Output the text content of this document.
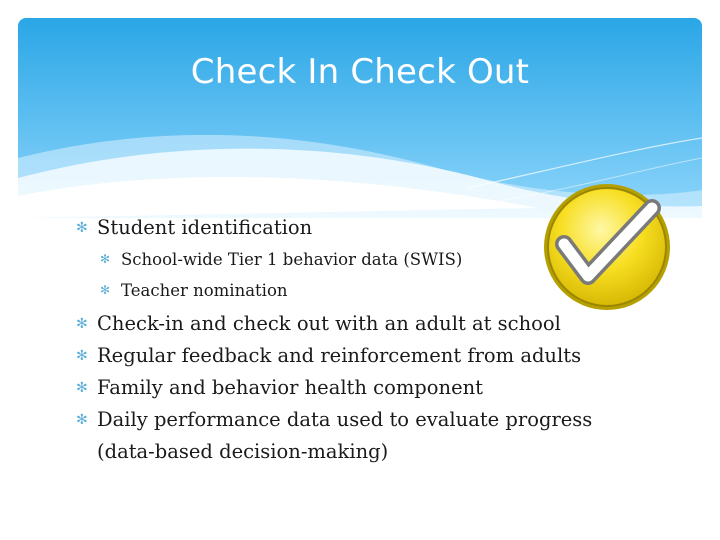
Check In Check Out
✻ Student identification
✻ School-wide Tier 1 behavior data (SWIS)
✻ Teacher nomination
✻ Check-in and check out with an adult at school
✻ Regular feedback and reinforcement from adults
✻ Family and behavior health component
✻ Daily performance data used to evaluate progress
(data-based decision-making)
